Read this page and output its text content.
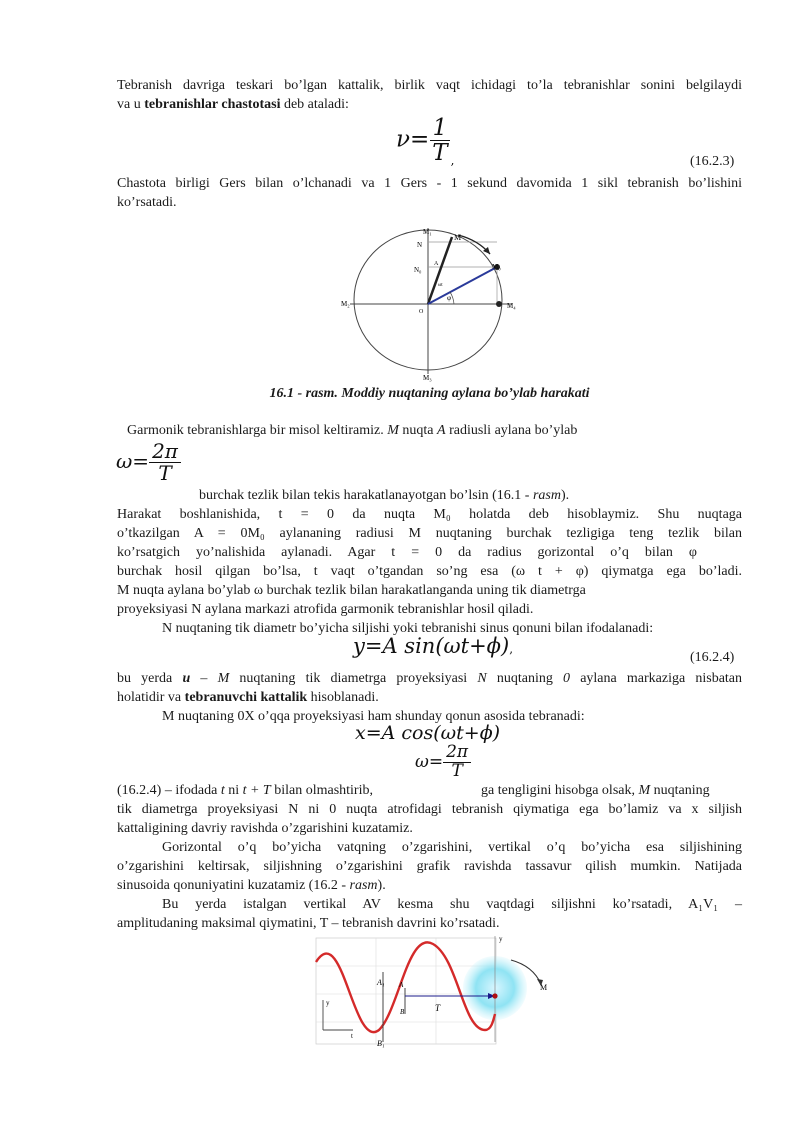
Tebranish davriga teskari bo’lgan kattalik, birlik vaqt ichidagi to’la tebranishlar sonini belgilaydi
va u tebranishlar chastotasi deb ataladi:
$\nu= \frac{1}{T} _,$	(16.2.3)
Chastota birligi Gers bilan o’lchanadi va 1 Gers - 1 sekund davomida 1 sikl tebranish bo’lishini
ko’rsatadi.
M₁
N
M
A
N₀	M₀
ωt
φ
M₂	M₄
O
M₃
16.1 - rasm. Moddiy nuqtaning aylana bo’ylab harakati
Garmonik tebranishlarga bir misol keltiramiz. M nuqta A radiusli aylana bo’ylab
$\omega= \frac{2\pi}{T}$
burchak tezlik bilan tekis harakatlanayotgan bo’lsin (16.1 - rasm).
Harakat boshlanishida, t = 0 da nuqta M₀ holatda deb hisoblaymiz. Shu nuqtaga
o’tkazilgan A = 0M₀ aylananing radiusi M nuqtaning burchak tezligiga teng tezlik bilan
ko’rsatgich yo’nalishida aylanadi. Agar t = 0 da radius gorizontal o’q bilan φ
burchak hosil qilgan bo’lsa, t vaqt o’tgandan so’ng esa (ω t + φ) qiymatga ega bo’ladi.
M nuqta aylana bo’ylab ω burchak tezlik bilan harakatlanganda uning tik diametrga
proyeksiyasi N aylana markazi atrofida garmonik tebranishlar hosil qiladi.
N nuqtaning tik diametr bo’yicha siljishi yoki tebranishi sinus qonuni bilan ifodalanadi:
y=A sin(ωt+ϕ),
(16.2.4)
bu yerda u – M nuqtaning tik diametrga proyeksiyasi N nuqtaning 0 aylana markaziga nisbatan
holatidir va tebranuvchi kattalik hisoblanadi.
M nuqtaning 0X o’qqa proyeksiyasi ham shunday qonun asosida tebranadi:
x=A cos(ωt+ϕ)
$\omega= \frac{2\pi}{T}$
(16.2.4) – ifodada t ni t + T bilan olmashtirib,	ga tengligini hisobga olsak, M nuqtaning
tik diametrga proyeksiyasi N ni 0 nuqta atrofidagi tebranish qiymatiga ega bo’lamiz va x siljish
kattaligining davriy ravishda o’zgarishini kuzatamiz.
Gorizontal o’q bo’yicha vatqning o’zgarishini, vertikal o’q bo’yicha esa siljishining
o’zgarishini keltirsak, siljishning o’zgarishini grafik ravishda tassavur qilish mumkin. Natijada
sinusoida qonuniyatini kuzatamiz (16.2 - rasm).
Bu yerda istalgan vertikal AV kesma shu vaqtdagi siljishni ko’rsatadi, A₁V₁ –
amplitudaning maksimal qiymatini, T – tebranish davrini ko’rsatadi.
y
M
A₁ A
B
B₁
T
y
t
